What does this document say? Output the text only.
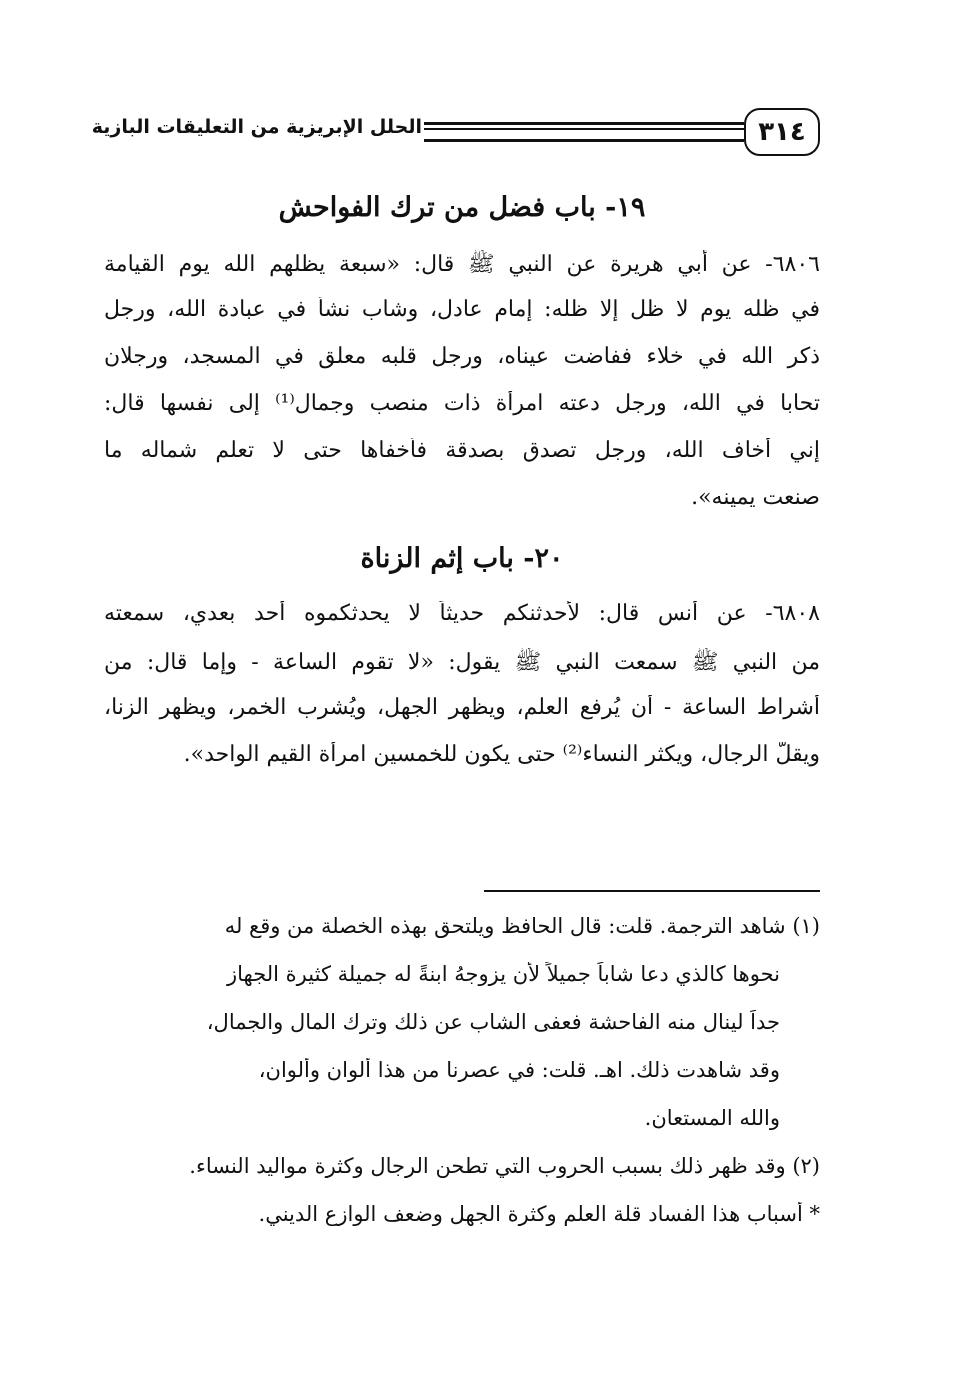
٣١٤
الحلل الإبريزية من التعليقات البازية
١٩- باب فضل من ترك الفواحش
٦٨٠٦- عن أبي هريرة عن النبي ﷺ قال: «سبعة يظلهم الله يوم القيامة
في ظله يوم لا ظل إلا ظله: إمام عادل، وشاب نشأ في عبادة الله، ورجل
ذكر الله في خلاء ففاضت عيناه، ورجل قلبه معلق في المسجد، ورجلان
تحابا في الله، ورجل دعته امرأة ذات منصب وجمال⁽¹⁾ إلى نفسها قال:
إني أخاف الله، ورجل تصدق بصدقة فأخفاها حتى لا تعلم شماله ما
صنعت يمينه».
٢٠- باب إثم الزناة
٦٨٠٨- عن أنس قال: لأحدثنكم حديثاً لا يحدثكموه أحد بعدي، سمعته
من النبي ﷺ سمعت النبي ﷺ يقول: «لا تقوم الساعة - وإما قال: من
أشراط الساعة - أن يُرفع العلم، ويظهر الجهل، ويُشرب الخمر، ويظهر الزنا،
ويقلّ الرجال، ويكثر النساء⁽²⁾ حتى يكون للخمسين امرأة القيم الواحد».
(١) شاهد الترجمة. قلت: قال الحافظ ويلتحق بهذه الخصلة من وقع له
نحوها كالذي دعا شاباً جميلاً لأن يزوجهُ ابنةً له جميلة كثيرة الجهاز
جداً لينال منه الفاحشة فعفى الشاب عن ذلك وترك المال والجمال،
وقد شاهدت ذلك. اهـ. قلت: في عصرنا من هذا ألوان وألوان،
والله المستعان.
(٢) وقد ظهر ذلك بسبب الحروب التي تطحن الرجال وكثرة مواليد النساء.
* أسباب هذا الفساد قلة العلم وكثرة الجهل وضعف الوازع الديني.
